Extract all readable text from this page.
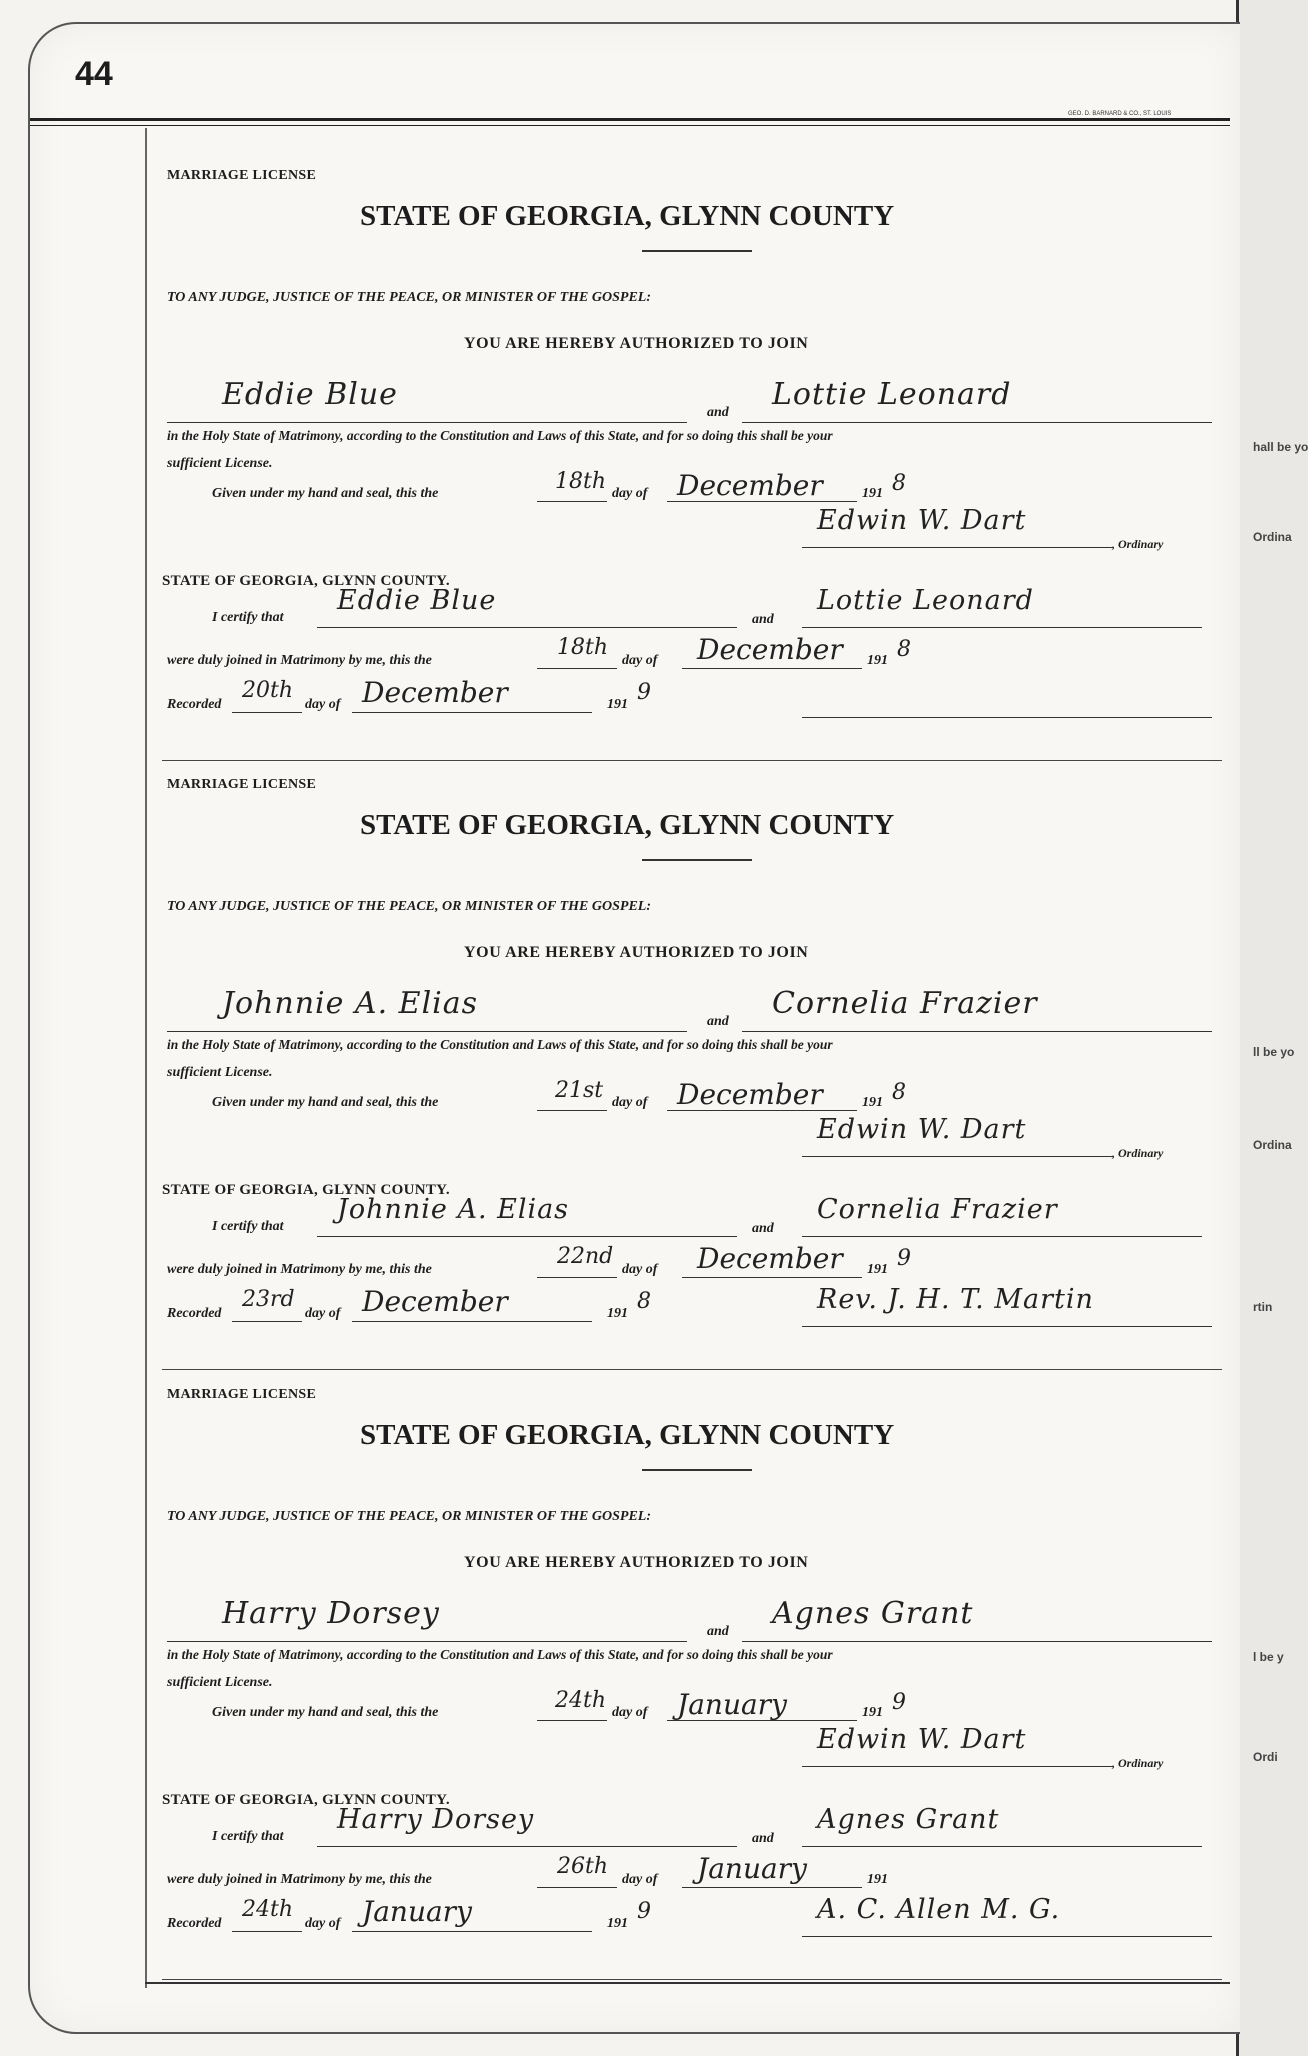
hall be yo
Ordina
ll be yo
Ordina
rtin
l be y
Ordi
44
GEO. D. BARNARD & CO., ST. LOUIS
MARRIAGE LICENSE
STATE OF GEORGIA, GLYNN COUNTY
TO ANY JUDGE, JUSTICE OF THE PEACE, OR MINISTER OF THE GOSPEL:
YOU ARE HEREBY AUTHORIZED TO JOIN
Eddie Blue
and
Lottie Leonard
in the Holy State of Matrimony, according to the Constitution and Laws of this State, and for so doing this shall be your
sufficient License.
Given under my hand and seal, this the	18th day of December	191 8
Edwin W. Dart
, Ordinary
STATE OF GEORGIA, GLYNN COUNTY.
I certify that
Eddie Blue
and
Lottie Leonard
were duly joined in Matrimony by me, this the
18th
day of December 191 8
Recorded
20th
day of December	191 9
MARRIAGE LICENSE
STATE OF GEORGIA, GLYNN COUNTY
TO ANY JUDGE, JUSTICE OF THE PEACE, OR MINISTER OF THE GOSPEL:
YOU ARE HEREBY AUTHORIZED TO JOIN
Johnnie A. Elias
and
Cornelia Frazier
in the Holy State of Matrimony, according to the Constitution and Laws of this State, and for so doing this shall be your
sufficient License.
Given under my hand and seal, this the	21st day of December	191 8
Edwin W. Dart
, Ordinary
STATE OF GEORGIA, GLYNN COUNTY.
I certify that
Johnnie A. Elias
and
Cornelia Frazier
were duly joined in Matrimony by me, this the
22nd
day of December 191 9
Recorded
23rd
day of December	191 8	Rev. J. H. T. Martin
MARRIAGE LICENSE
STATE OF GEORGIA, GLYNN COUNTY
TO ANY JUDGE, JUSTICE OF THE PEACE, OR MINISTER OF THE GOSPEL:
YOU ARE HEREBY AUTHORIZED TO JOIN
Harry Dorsey
and
Agnes Grant
in the Holy State of Matrimony, according to the Constitution and Laws of this State, and for so doing this shall be your
sufficient License.
Given under my hand and seal, this the	24th day of January	191 9
Edwin W. Dart
, Ordinary
STATE OF GEORGIA, GLYNN COUNTY.
I certify that
Harry Dorsey
and
Agnes Grant
were duly joined in Matrimony by me, this the
26th
day of January	191
Recorded
24th
day of January	191 9	A. C. Allen M. G.
